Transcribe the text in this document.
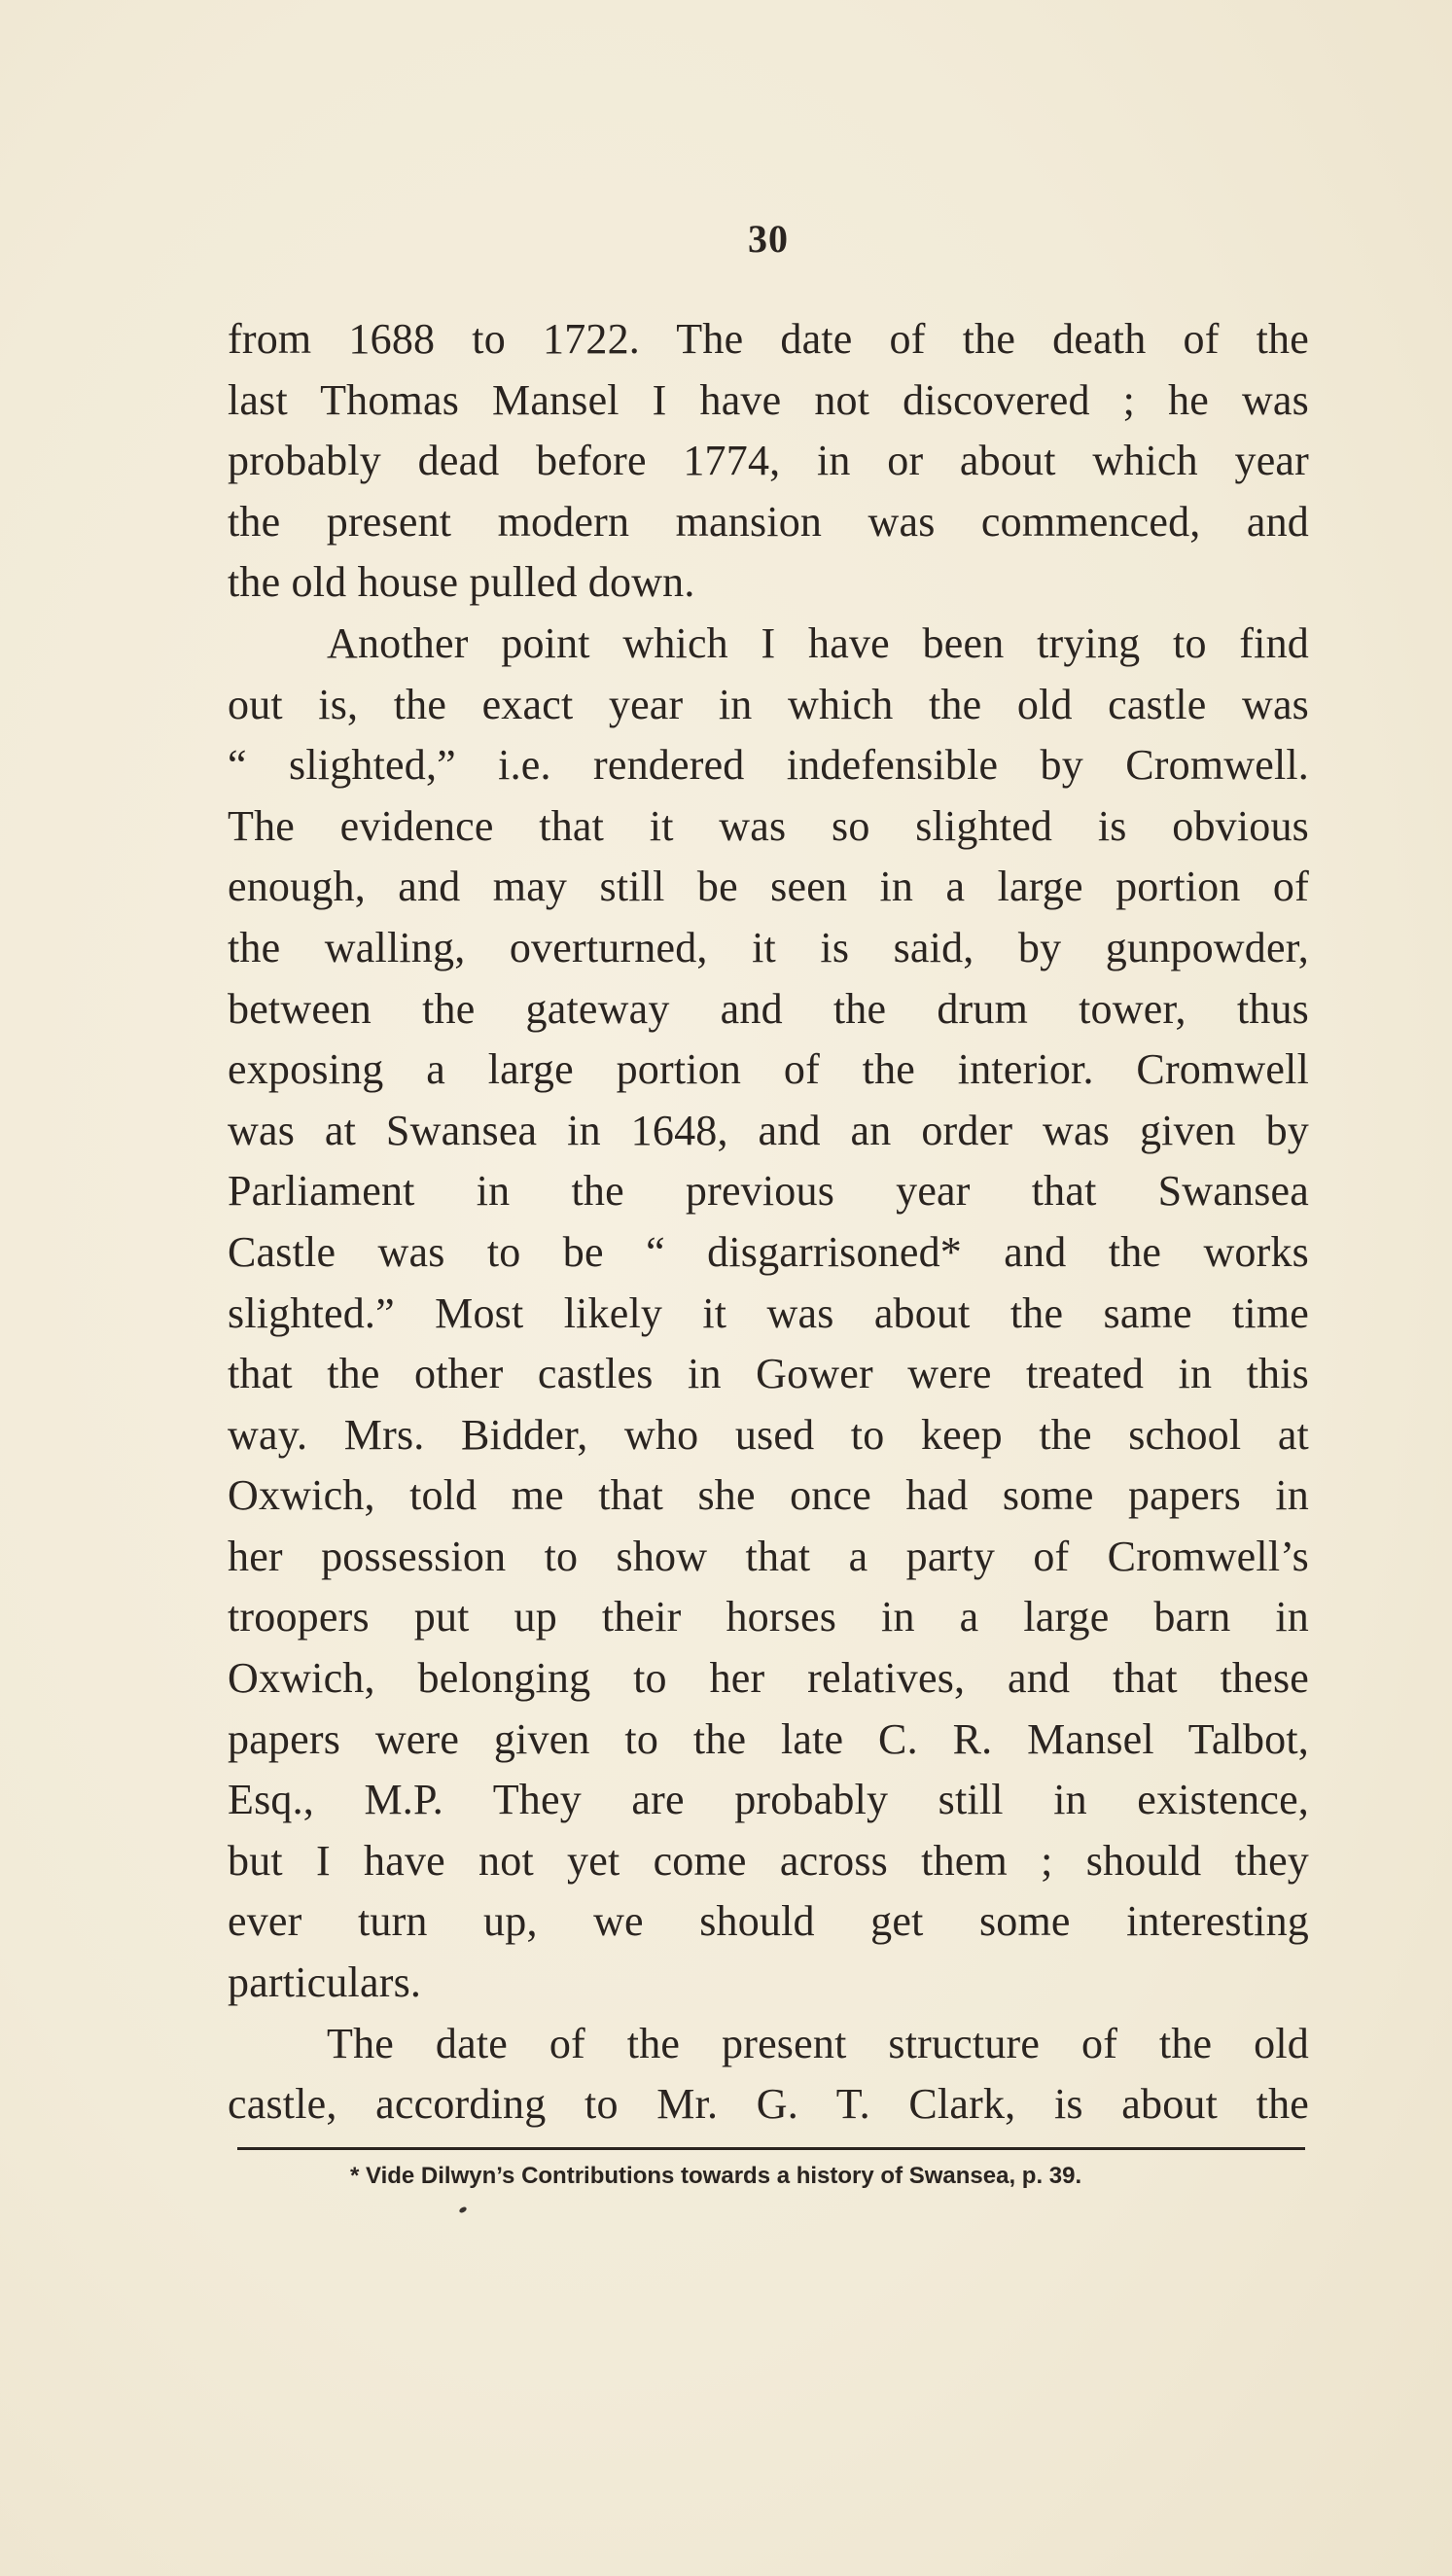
30
from 1688 to 1722. The date of the death of the
last Thomas Mansel I have not discovered ; he was
probably dead before 1774, in or about which year
the present modern mansion was commenced, and
the old house pulled down.
Another point which I have been trying to find
out is, the exact year in which the old castle was
“ slighted,” i.e. rendered indefensible by Cromwell.
The evidence that it was so slighted is obvious
enough, and may still be seen in a large portion of
the walling, overturned, it is said, by gunpowder,
between the gateway and the drum tower, thus
exposing a large portion of the interior. Cromwell
was at Swansea in 1648, and an order was given by
Parliament in the previous year that Swansea
Castle was to be “ disgarrisoned* and the works
slighted.” Most likely it was about the same time
that the other castles in Gower were treated in this
way. Mrs. Bidder, who used to keep the school at
Oxwich, told me that she once had some papers in
her possession to show that a party of Cromwell’s
troopers put up their horses in a large barn in
Oxwich, belonging to her relatives, and that these
papers were given to the late C. R. Mansel Talbot,
Esq., M.P. They are probably still in existence,
but I have not yet come across them ; should they
ever turn up, we should get some interesting
particulars.
The date of the present structure of the old
castle, according to Mr. G. T. Clark, is about the
* Vide Dilwyn’s Contributions towards a history of Swansea, p. 39.
